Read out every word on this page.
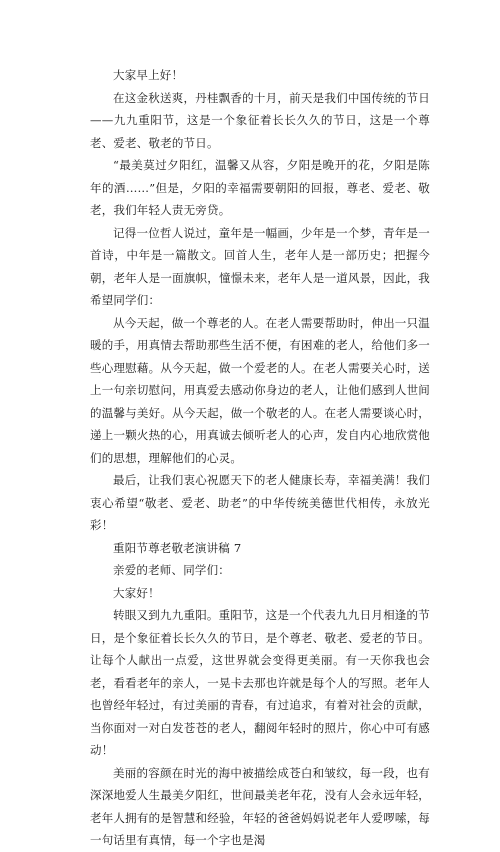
大家早上好！

在这金秋送爽，丹桂飘香的十月，前天是我们中国传统的节日——九九重阳节，这是一个象征着长长久久的节日，这是一个尊老、爱老、敬老的节日。

“最美莫过夕阳红，温馨又从容，夕阳是晚开的花，夕阳是陈年的酒……”但是，夕阳的幸福需要朝阳的回报，尊老、爱老、敬老，我们年轻人责无旁贷。

记得一位哲人说过，童年是一幅画，少年是一个梦，青年是一首诗，中年是一篇散文。回首人生，老年人是一部历史；把握今朝，老年人是一面旗帜，憧憬未来，老年人是一道风景，因此，我希望同学们：

从今天起，做一个尊老的人。在老人需要帮助时，伸出一只温暖的手，用真情去帮助那些生活不便，有困难的老人，给他们多一些心理慰藉。从今天起，做一个爱老的人。在老人需要关心时，送上一句亲切慰问，用真爱去感动你身边的老人，让他们感到人世间的温馨与美好。从今天起，做一个敬老的人。在老人需要谈心时，递上一颗火热的心，用真诚去倾听老人的心声，发自内心地欣赏他们的思想，理解他们的心灵。

最后，让我们衷心祝愿天下的老人健康长寿，幸福美满！我们衷心希望“敬老、爱老、助老”的中华传统美德世代相传，永放光彩！

重阳节尊老敬老演讲稿 7

亲爱的老师、同学们：

大家好！

转眼又到九九重阳。重阳节，这是一个代表九九日月相逢的节日，是个象征着长长久久的节日，是个尊老、敬老、爱老的节日。让每个人献出一点爱，这世界就会变得更美丽。有一天你我也会老，看看老年的亲人，一晃卡去那也许就是每个人的写照。老年人也曾经年轻过，有过美丽的青春，有过追求，有着对社会的贡献，当你面对一对白发苍苍的老人，翻阅年轻时的照片，你心中可有感动！

美丽的容颜在时光的海中被描绘成苍白和皱纹，每一段，也有深深地爱人生最美夕阳红，世间最美老年花，没有人会永远年轻，老年人拥有的是智慧和经验，年轻的爸爸妈妈说老年人爱啰嗦，每一句话里有真情，每一个字也是渴
